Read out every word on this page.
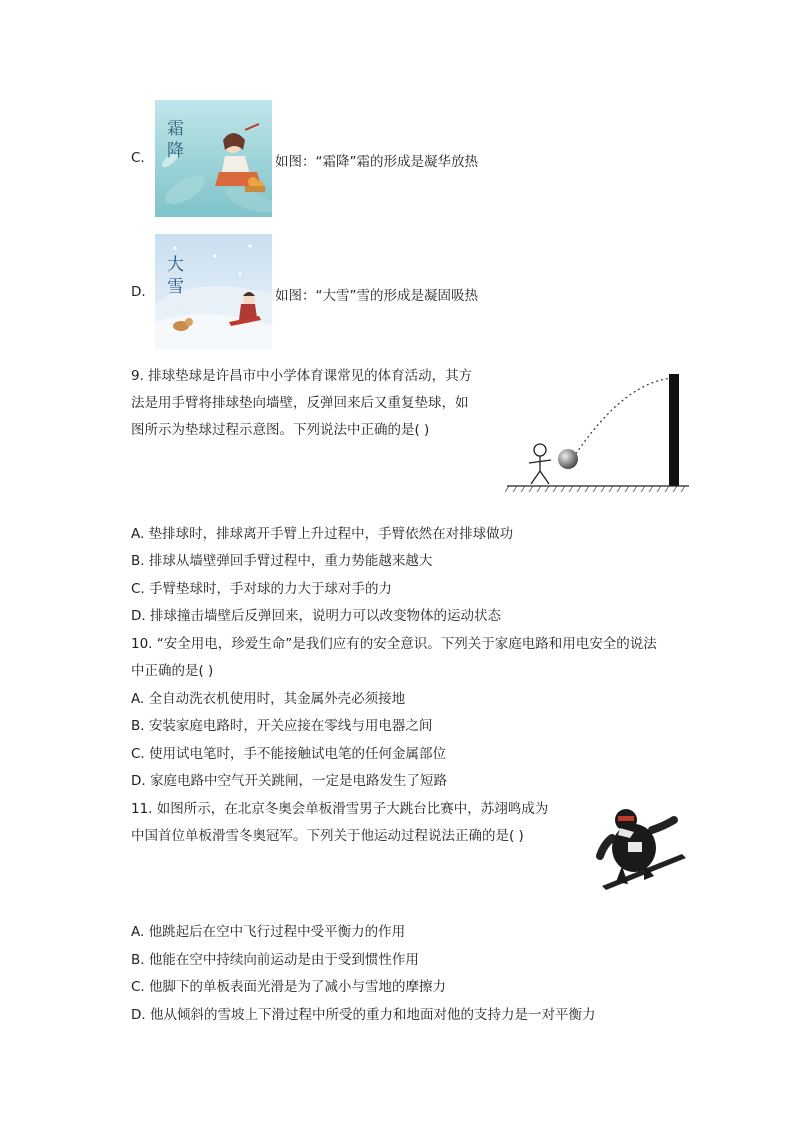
C.
霜
降
如图：“霜降”霜的形成是凝华放热
D.
大
雪	如图：“大雪”雪的形成是凝固吸热
9. 排球垫球是许昌市中小学体育课常见的体育活动，其方
法是用手臂将排球垫向墙壁，反弹回来后又重复垫球，如
图所示为垫球过程示意图。下列说法中正确的是( )
A. 垫排球时，排球离开手臂上升过程中，手臂依然在对排球做功
B. 排球从墙壁弹回手臂过程中，重力势能越来越大
C. 手臂垫球时，手对球的力大于球对手的力
D. 排球撞击墙壁后反弹回来，说明力可以改变物体的运动状态
10. “安全用电，珍爱生命”是我们应有的安全意识。下列关于家庭电路和用电安全的说法
中正确的是( )
A. 全自动洗衣机使用时，其金属外壳必须接地
B. 安装家庭电路时，开关应接在零线与用电器之间
C. 使用试电笔时，手不能接触试电笔的任何金属部位
D. 家庭电路中空气开关跳闸，一定是电路发生了短路
11. 如图所示，在北京冬奥会单板滑雪男子大跳台比赛中，苏翊鸣成为
中国首位单板滑雪冬奥冠军。下列关于他运动过程说法正确的是( )
A. 他跳起后在空中飞行过程中受平衡力的作用
B. 他能在空中持续向前运动是由于受到惯性作用
C. 他脚下的单板表面光滑是为了减小与雪地的摩擦力
D. 他从倾斜的雪坡上下滑过程中所受的重力和地面对他的支持力是一对平衡力
